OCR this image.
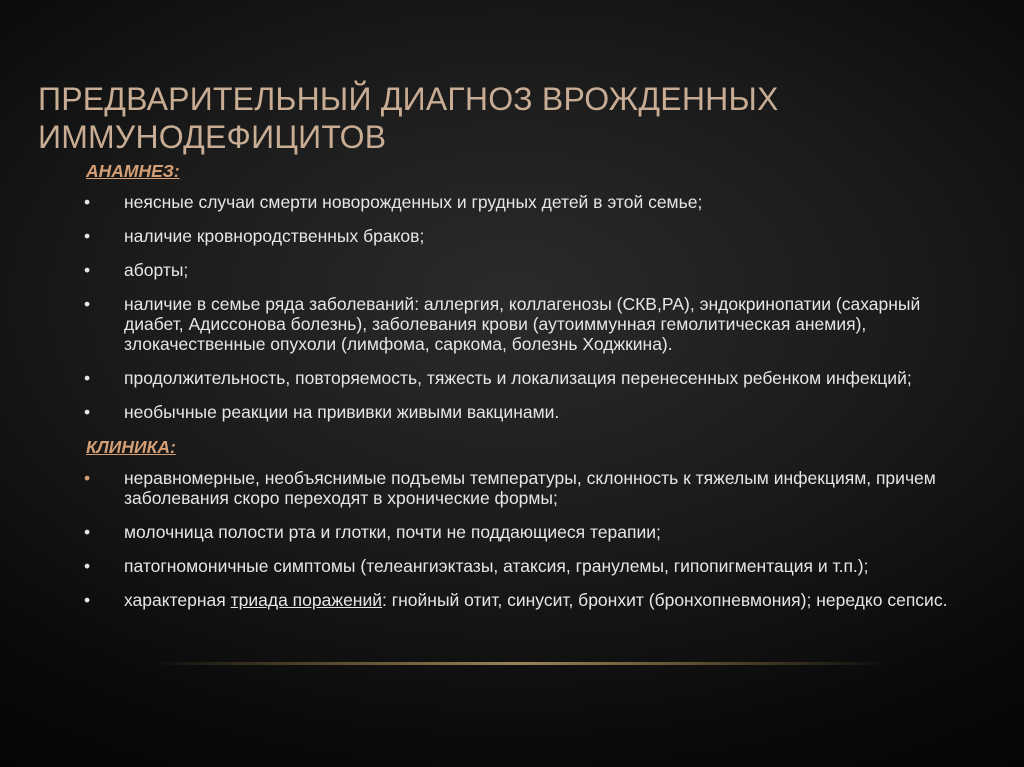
ПРЕДВАРИТЕЛЬНЫЙ ДИАГНОЗ ВРОЖДЕННЫХ
ИММУНОДЕФИЦИТОВ
АНАМНЕЗ:
• неясные случаи смерти новорожденных и грудных детей в этой семье;
• наличие кровнородственных браков;
• аборты;
• наличие в семье ряда заболеваний: аллергия, коллагенозы (СКВ,РА), эндокринопатии (сахарный диабет, Адиссонова болезнь), заболевания крови (аутоиммунная гемолитическая анемия), злокачественные опухоли (лимфома, саркома, болезнь Ходжкина).
• продолжительность, повторяемость, тяжесть и локализация перенесенных ребенком инфекций;
• необычные реакции на прививки живыми вакцинами.
КЛИНИКА:
• неравномерные, необъяснимые подъемы температуры, склонность к тяжелым инфекциям, причем заболевания скоро переходят в хронические формы;
• молочница полости рта и глотки, почти не поддающиеся терапии;
• патогномоничные симптомы (телеангиэктазы, атаксия, гранулемы, гипопигментация и т.п.);
• характерная триада поражений: гнойный отит, синусит, бронхит (бронхопневмония); нередко сепсис.
